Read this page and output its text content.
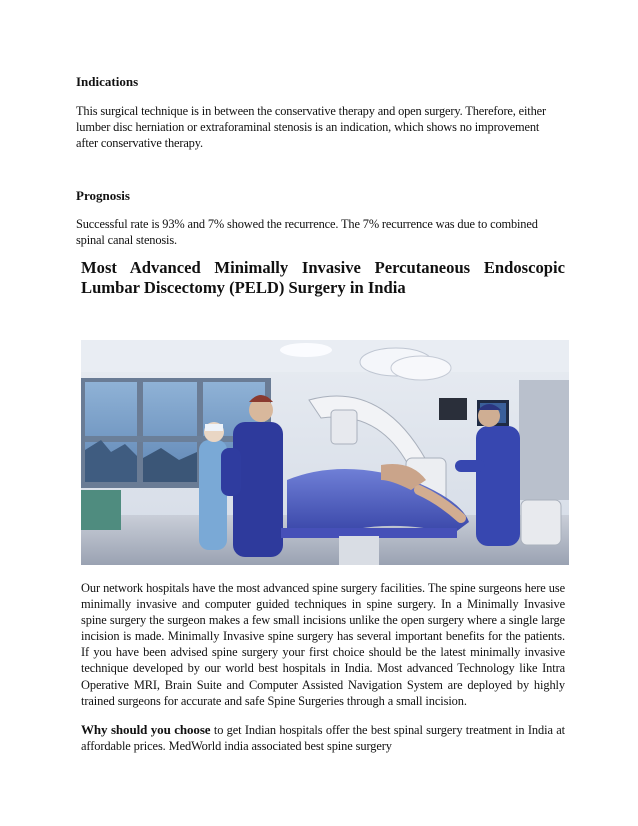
Indications

This surgical technique is in between the conservative therapy and open surgery. Therefore, either lumber disc herniation or extraforaminal stenosis is an indication, which shows no improvement after conservative therapy.

Prognosis

Successful rate is 93% and 7% showed the recurrence. The 7% recurrence was due to combined spinal canal stenosis.

Most Advanced Minimally Invasive Percutaneous Endoscopic Lumbar Discectomy (PELD) Surgery in India

Our network hospitals have the most advanced spine surgery facilities. The spine surgeons here use minimally invasive and computer guided techniques in spine surgery. In a Minimally Invasive spine surgery the surgeon makes a few small incisions unlike the open surgery where a single large incision is made. Minimally Invasive spine surgery has several important benefits for the patients. If you have been advised spine surgery your first choice should be the latest minimally invasive technique developed by our world best hospitals in India. Most advanced Technology like Intra Operative MRI, Brain Suite and Computer Assisted Navigation System are deployed by highly trained surgeons for accurate and safe Spine Surgeries through a small incision.

Why should you choose to get Indian hospitals offer the best spinal surgery treatment in India at affordable prices. MedWorld india associated best spine surgery
